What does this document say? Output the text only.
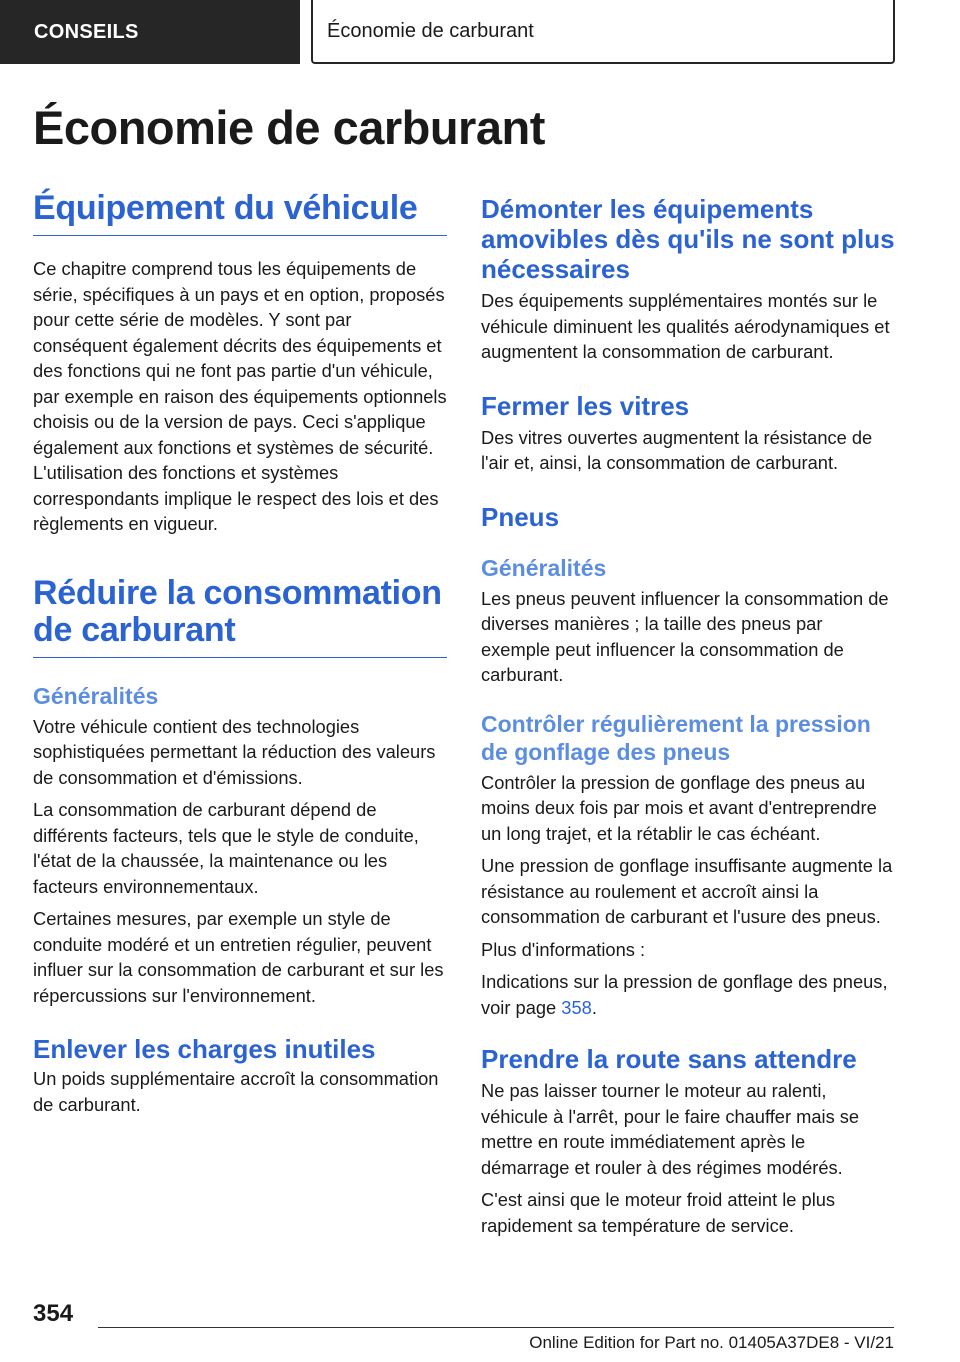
CONSEILS	Économie de carburant
Économie de carburant
Équipement du véhicule

Ce chapitre comprend tous les équipements de série, spécifiques à un pays et en option, proposés pour cette série de modèles. Y sont par conséquent également décrits des équipements et des fonctions qui ne font pas partie d'un véhicule, par exemple en raison des équipements optionnels choisis ou de la version de pays. Ceci s'applique également aux fonctions et systèmes de sécurité. L'utilisation des fonctions et systèmes correspondants implique le respect des lois et des règlements en vigueur.

Réduire la consommation de carburant
Généralités

Votre véhicule contient des technologies sophistiquées permettant la réduction des valeurs de consommation et d'émissions.

La consommation de carburant dépend de différents facteurs, tels que le style de conduite, l'état de la chaussée, la maintenance ou les facteurs environnementaux.

Certaines mesures, par exemple un style de conduite modéré et un entretien régulier, peuvent influer sur la consommation de carburant et sur les répercussions sur l'environnement.

Enlever les charges inutiles

Un poids supplémentaire accroît la consommation de carburant.

Démonter les équipements amovibles dès qu'ils ne sont plus nécessaires

Des équipements supplémentaires montés sur le véhicule diminuent les qualités aérodynamiques et augmentent la consommation de carburant.

Fermer les vitres

Des vitres ouvertes augmentent la résistance de l'air et, ainsi, la consommation de carburant.

Pneus
Généralités

Les pneus peuvent influencer la consommation de diverses manières ; la taille des pneus par exemple peut influencer la consommation de carburant.

Contrôler régulièrement la pression de gonflage des pneus

Contrôler la pression de gonflage des pneus au moins deux fois par mois et avant d'entreprendre un long trajet, et la rétablir le cas échéant.

Une pression de gonflage insuffisante augmente la résistance au roulement et accroît ainsi la consommation de carburant et l'usure des pneus.

Plus d'informations :

Indications sur la pression de gonflage des pneus, voir page 358.

Prendre la route sans attendre

Ne pas laisser tourner le moteur au ralenti, véhicule à l'arrêt, pour le faire chauffer mais se mettre en route immédiatement après le démarrage et rouler à des régimes modérés.

C'est ainsi que le moteur froid atteint le plus rapidement sa température de service.

354
Online Edition for Part no. 01405A37DE8 - VI/21
